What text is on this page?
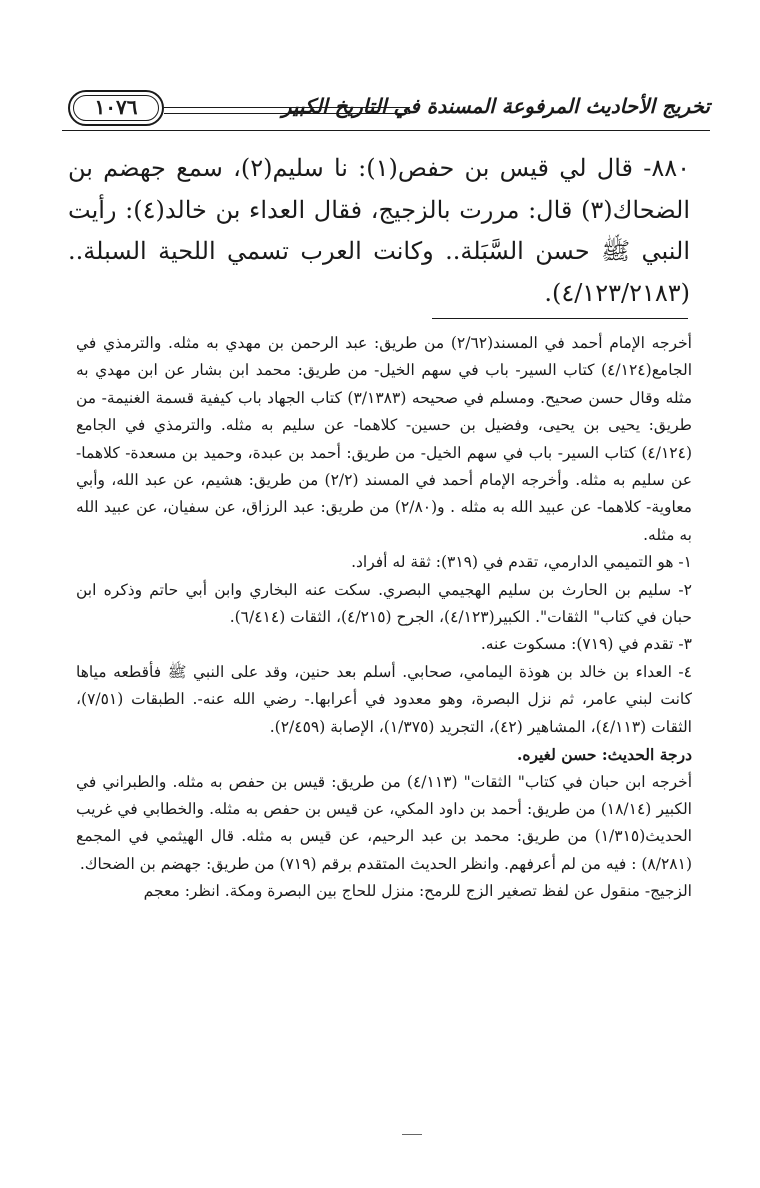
١٠٧٦	تخريج الأحاديث المرفوعة المسندة في التاريخ الكبير

٨٨٠- قال لي قيس بن حفص(١): نا سليم(٢)، سمع جهضم بن الضحاك(٣) قال: مررت بالزجيج، فقال العداء بن خالد(٤): رأيت النبي ﷺ حسن السَّبَلة.. وكانت العرب تسمي اللحية السبلة.. (٤/١٢٣/٢١٨٣).

أخرجه الإمام أحمد في المسند(٢/٦٢) من طريق: عبد الرحمن بن مهدي به مثله. والترمذي في الجامع(٤/١٢٤) كتاب السير- باب في سهم الخيل- من طريق: محمد ابن بشار عن ابن مهدي به مثله وقال حسن صحيح. ومسلم في صحيحه (٣/١٣٨٣) كتاب الجهاد باب كيفية قسمة الغنيمة- من طريق: يحيى بن يحيى، وفضيل بن حسين- كلاهما- عن سليم به مثله. والترمذي في الجامع (٤/١٢٤) كتاب السير- باب في سهم الخيل- من طريق: أحمد بن عبدة، وحميد بن مسعدة- كلاهما- عن سليم به مثله. وأخرجه الإمام أحمد في المسند (٢/٢) من طريق: هشيم، عن عبد الله، وأبي معاوية- كلاهما- عن عبيد الله به مثله . و(٢/٨٠) من طريق: عبد الرزاق، عن سفيان، عن عبيد الله به مثله.

١- هو التميمي الدارمي، تقدم في (٣١٩): ثقة له أفراد.

٢- سليم بن الحارث بن سليم الهجيمي البصري. سكت عنه البخاري وابن أبي حاتم وذكره ابن حبان في كتاب" الثقات". الكبير(٤/١٢٣)، الجرح (٤/٢١٥)، الثقات (٦/٤١٤).

٣- تقدم في (٧١٩): مسكوت عنه.

٤- العداء بن خالد بن هوذة اليمامي، صحابي. أسلم بعد حنين، وقد على النبي ﷺ فأقطعه مياها كانت لبني عامر، ثم نزل البصرة، وهو معدود في أعرابها.- رضي الله عنه-. الطبقات (٧/٥١)، الثقات (٤/١١٣)، المشاهير (٤٢)، التجريد (١/٣٧٥)، الإصابة (٢/٤٥٩).

درجة الحديث: حسن لغيره.

أخرجه ابن حبان في كتاب" الثقات" (٤/١١٣) من طريق: قيس بن حفص به مثله. والطبراني في الكبير (١٨/١٤) من طريق: أحمد بن داود المكي، عن قيس بن حفص به مثله. والخطابي في غريب الحديث(١/٣١٥) من طريق: محمد بن عبد الرحيم، عن قيس به مثله. قال الهيثمي في المجمع (٨/٢٨١) : فيه من لم أعرفهم. وانظر الحديث المتقدم برقم (٧١٩) من طريق: جهضم بن الضحاك.

الزجيج- منقول عن لفظ تصغير الزج للرمح: منزل للحاج بين البصرة ومكة. انظر: معجم
